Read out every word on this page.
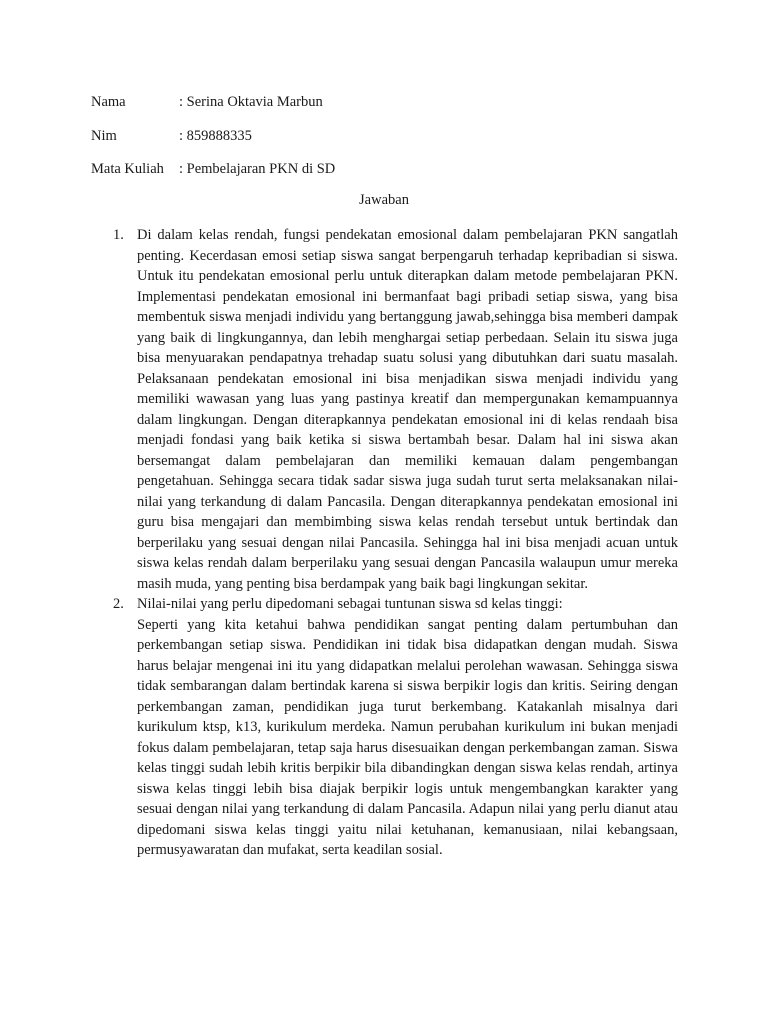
Nama	: Serina Oktavia Marbun
Nim	: 859888335
Mata Kuliah	: Pembelajaran PKN di SD
Jawaban
1. Di dalam kelas rendah, fungsi pendekatan emosional dalam pembelajaran PKN sangatlah penting. Kecerdasan emosi setiap siswa sangat berpengaruh terhadap kepribadian si siswa. Untuk itu pendekatan emosional perlu untuk diterapkan dalam metode pembelajaran PKN. Implementasi pendekatan emosional ini bermanfaat bagi pribadi setiap siswa, yang bisa membentuk siswa menjadi individu yang bertanggung jawab,sehingga bisa memberi dampak yang baik di lingkungannya, dan lebih menghargai setiap perbedaan. Selain itu siswa juga bisa menyuarakan pendapatnya trehadap suatu solusi yang dibutuhkan dari suatu masalah. Pelaksanaan pendekatan emosional ini bisa menjadikan siswa menjadi individu yang memiliki wawasan yang luas yang pastinya kreatif dan mempergunakan kemampuannya dalam lingkungan. Dengan diterapkannya pendekatan emosional ini di kelas rendaah bisa menjadi fondasi yang baik ketika si siswa bertambah besar. Dalam hal ini siswa akan bersemangat dalam pembelajaran dan memiliki kemauan dalam pengembangan pengetahuan. Sehingga secara tidak sadar siswa juga sudah turut serta melaksanakan nilai-nilai yang terkandung di dalam Pancasila. Dengan diterapkannya pendekatan emosional ini guru bisa mengajari dan membimbing siswa kelas rendah tersebut untuk bertindak dan berperilaku yang sesuai dengan nilai Pancasila. Sehingga hal ini bisa menjadi acuan untuk siswa kelas rendah dalam berperilaku yang sesuai dengan Pancasila walaupun umur mereka masih muda, yang penting bisa berdampak yang baik bagi lingkungan sekitar.

2. Nilai-nilai yang perlu dipedomani sebagai tuntunan siswa sd kelas tinggi:

Seperti yang kita ketahui bahwa pendidikan sangat penting dalam pertumbuhan dan perkembangan setiap siswa. Pendidikan ini tidak bisa didapatkan dengan mudah. Siswa harus belajar mengenai ini itu yang didapatkan melalui perolehan wawasan. Sehingga siswa tidak sembarangan dalam bertindak karena si siswa berpikir logis dan kritis. Seiring dengan perkembangan zaman, pendidikan juga turut berkembang. Katakanlah misalnya dari kurikulum ktsp, k13, kurikulum merdeka. Namun perubahan kurikulum ini bukan menjadi fokus dalam pembelajaran, tetap saja harus disesuaikan dengan perkembangan zaman. Siswa kelas tinggi sudah lebih kritis berpikir bila dibandingkan dengan siswa kelas rendah, artinya siswa kelas tinggi lebih bisa diajak berpikir logis untuk mengembangkan karakter yang sesuai dengan nilai yang terkandung di dalam Pancasila. Adapun nilai yang perlu dianut atau dipedomani siswa kelas tinggi yaitu nilai ketuhanan, kemanusiaan, nilai kebangsaan, permusyawaratan dan mufakat, serta keadilan sosial.
